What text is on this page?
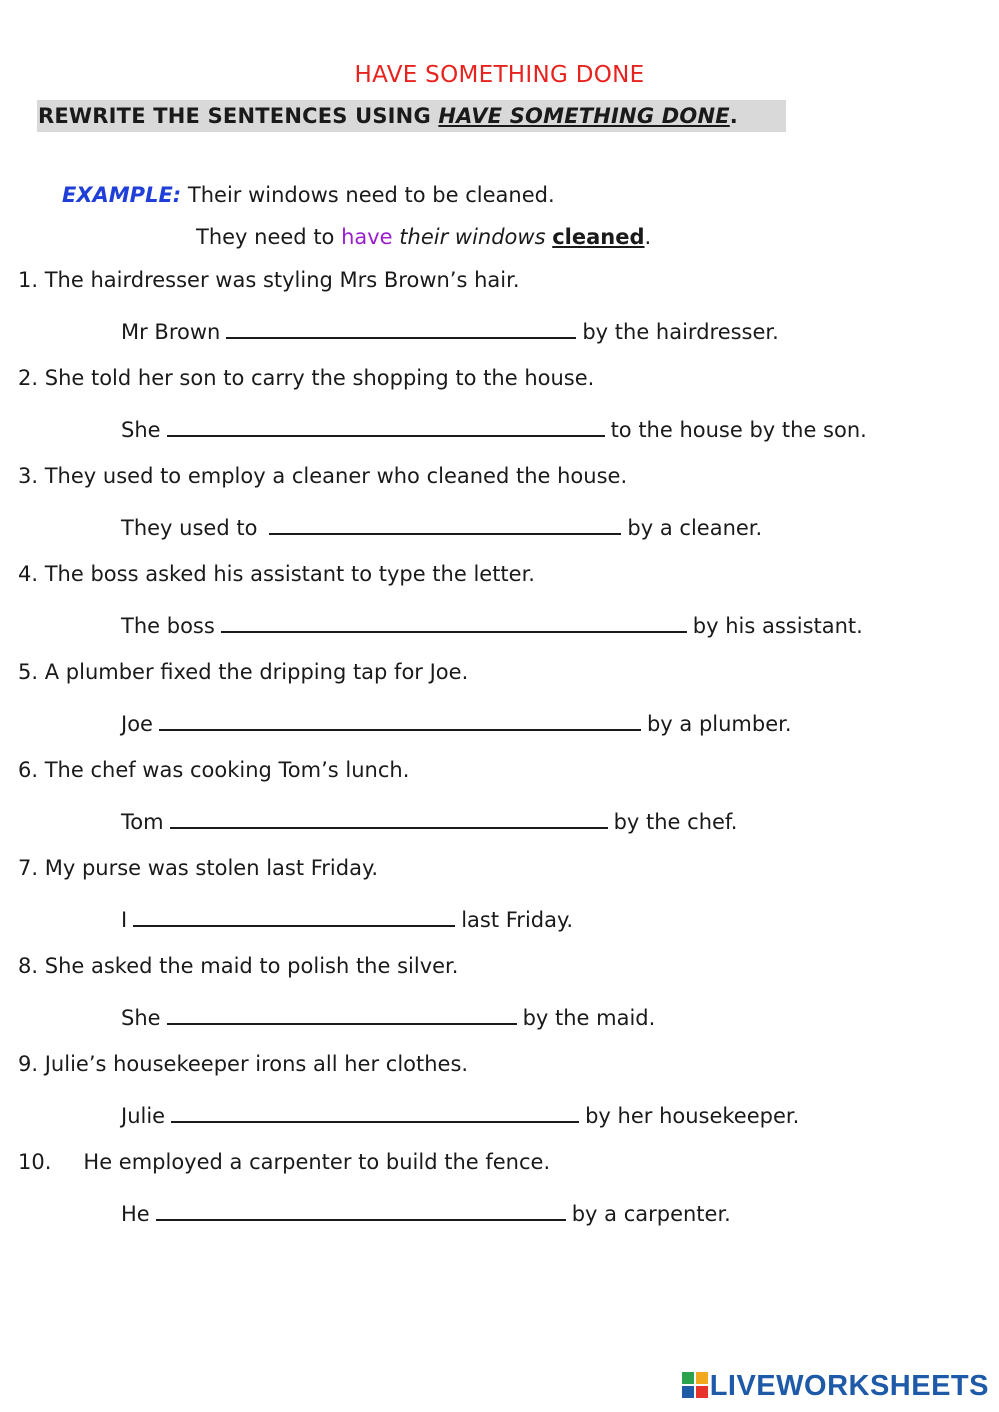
HAVE SOMETHING DONE
REWRITE THE SENTENCES USING HAVE SOMETHING DONE.
EXAMPLE: Their windows need to be cleaned.
They need to have their windows cleaned.
1. The hairdresser was styling Mrs Brown’s hair.
Mr Brown	by the hairdresser.
2. She told her son to carry the shopping to the house.
She	to the house by the son.
3. They used to employ a cleaner who cleaned the house.
They used to	by a cleaner.
4. The boss asked his assistant to type the letter.
The boss	by his assistant.
5. A plumber fixed the dripping tap for Joe.
Joe	by a plumber.
6. The chef was cooking Tom’s lunch.
Tom	by the chef.
7. My purse was stolen last Friday.
I	last Friday.
8. She asked the maid to polish the silver.
She	by the maid.
9. Julie’s housekeeper irons all her clothes.
Julie	by her housekeeper.
10. He employed a carpenter to build the fence.
He	by a carpenter.
LIVEWORKSHEETS
